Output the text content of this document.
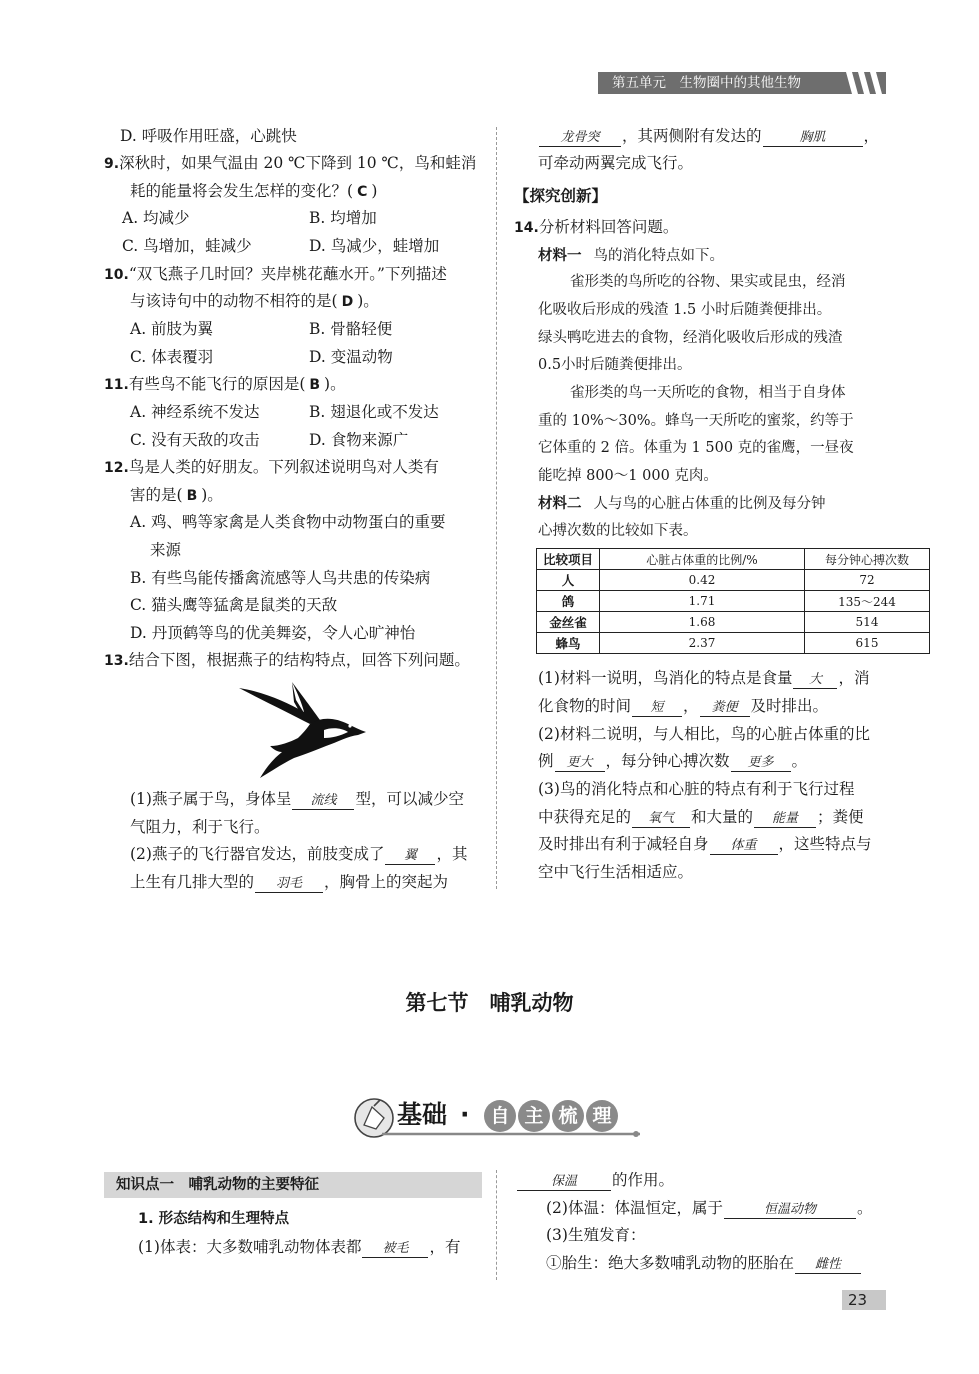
第五单元　生物圈中的其他生物
D. 呼吸作用旺盛，心跳快
9.深秋时，如果气温由 20 ℃下降到 10 ℃，鸟和蛙消
耗的能量将会发生怎样的变化？( C )
A. 均减少	B. 均增加
C. 鸟增加，蛙减少	D. 鸟减少，蛙增加
10.“双飞燕子几时回？夹岸桃花蘸水开。”下列描述
与该诗句中的动物不相符的是( D )。
A. 前肢为翼	B. 骨骼轻便
C. 体表覆羽	D. 变温动物
11.有些鸟不能飞行的原因是( B )。
A. 神经系统不发达	B. 翅退化或不发达
C. 没有天敌的攻击	D. 食物来源广
12.鸟是人类的好朋友。下列叙述说明鸟对人类有
害的是( B )。
A. 鸡、鸭等家禽是人类食物中动物蛋白的重要
来源
B. 有些鸟能传播禽流感等人鸟共患的传染病
C. 猫头鹰等猛禽是鼠类的天敌
D. 丹顶鹤等鸟的优美舞姿，令人心旷神怡
13.结合下图，根据燕子的结构特点，回答下列问题。
(1)燕子属于鸟，身体呈 流线 型，可以减少空
气阻力，利于飞行。
(2)燕子的飞行器官发达，前肢变成了 翼 ，其
上生有几排大型的 羽毛 ，胸骨上的突起为
龙骨突 ，其两侧附有发达的	胸肌 ，
可牵动两翼完成飞行。
【探究创新】
14.分析材料回答问题。
材料一 鸟的消化特点如下。
雀形类的鸟所吃的谷物、果实或昆虫，经消
化吸收后形成的残渣 1.5 小时后随粪便排出。
绿头鸭吃进去的食物，经消化吸收后形成的残渣
0.5小时后随粪便排出。
雀形类的鸟一天所吃的食物，相当于自身体
重的 10%～30%。蜂鸟一天所吃的蜜浆，约等于
它体重的 2 倍。体重为 1 500 克的雀鹰，一昼夜
能吃掉 800～1 000 克肉。
材料二 人与鸟的心脏占体重的比例及每分钟
心搏次数的比较如下表。
比较项目	心脏占体重的比例/%	每分钟心搏次数
人	0.42	72
鸽	1.71	135～244
金丝雀	1.68	514
蜂鸟	2.37	615
(1)材料一说明，鸟消化的特点是食量 大 ，消
化食物的时间 短 ， 粪便 及时排出。
(2)材料二说明，与人相比，鸟的心脏占体重的比
例 更大 ，每分钟心搏次数 更多 。
(3)鸟的消化特点和心脏的特点有利于飞行过程
中获得充足的 氧气 和大量的 能量 ；粪便
及时排出有利于减轻自身 体重 ，这些特点与
空中飞行生活相适应。
第七节　哺乳动物
基础 ·	自 主 梳 理
知识点一　哺乳动物的主要特征
1. 形态结构和生理特点
(1)体表：大多数哺乳动物体表都 被毛 ，有
保温 的作用。
(2)体温：体温恒定，属于	恒温动物	。
(3)生殖发育：
①胎生：绝大多数哺乳动物的胚胎在 雌性
23
